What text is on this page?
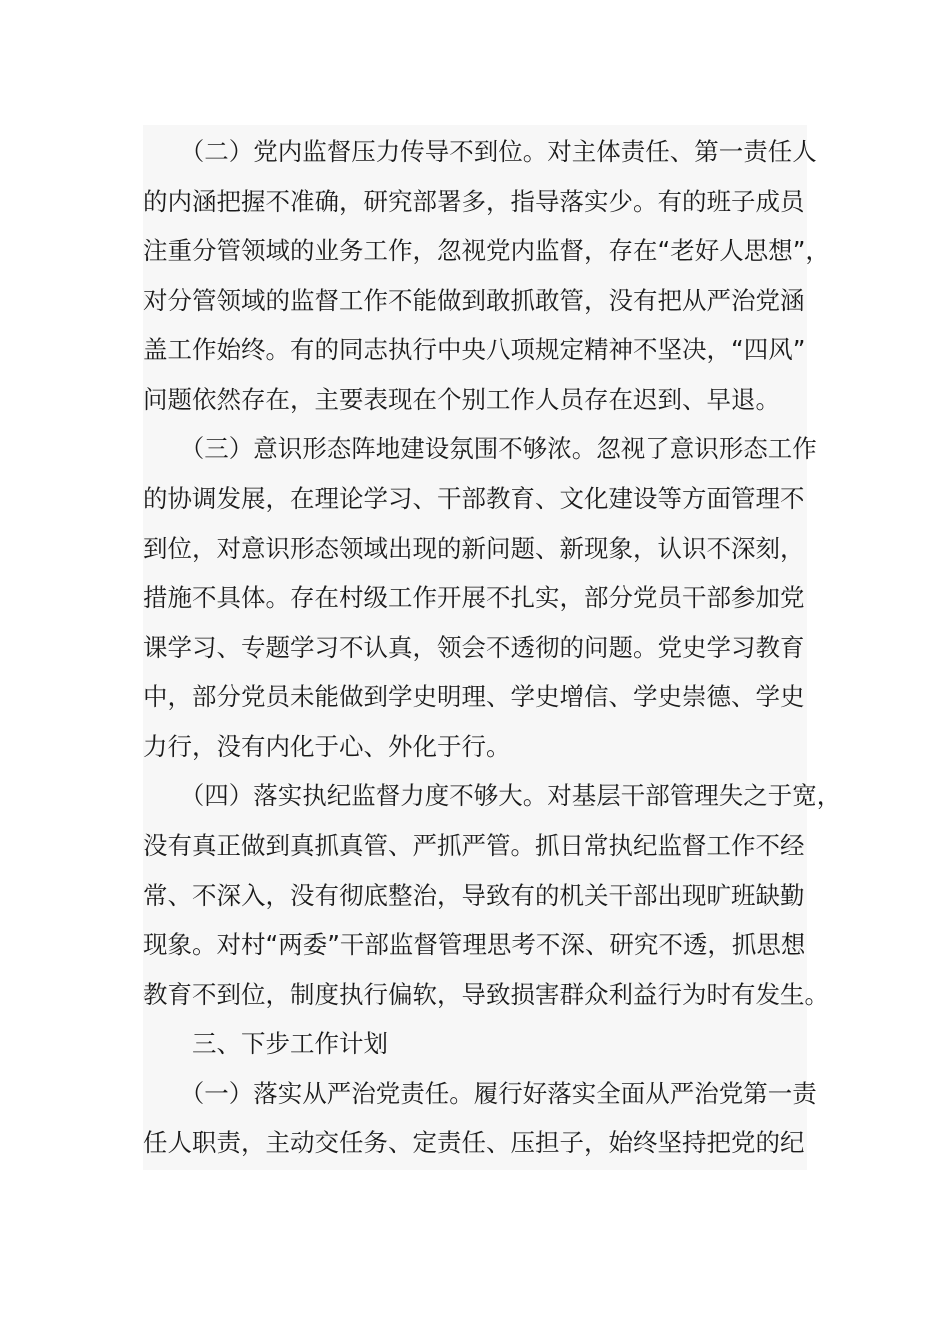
　　（二）党内监督压力传导不到位。对主体责任、第一责任人
的内涵把握不准确，研究部署多，指导落实少。有的班子成员
注重分管领域的业务工作，忽视党内监督，存在“老好人思想”，
对分管领域的监督工作不能做到敢抓敢管，没有把从严治党涵
盖工作始终。有的同志执行中央八项规定精神不坚决，“四风”
问题依然存在，主要表现在个别工作人员存在迟到、早退。
　　（三）意识形态阵地建设氛围不够浓。忽视了意识形态工作
的协调发展，在理论学习、干部教育、文化建设等方面管理不
到位，对意识形态领域出现的新问题、新现象，认识不深刻，
措施不具体。存在村级工作开展不扎实，部分党员干部参加党
课学习、专题学习不认真，领会不透彻的问题。党史学习教育
中，部分党员未能做到学史明理、学史增信、学史崇德、学史
力行，没有内化于心、外化于行。
　　（四）落实执纪监督力度不够大。对基层干部管理失之于宽，
没有真正做到真抓真管、严抓严管。抓日常执纪监督工作不经
常、不深入，没有彻底整治，导致有的机关干部出现旷班缺勤
现象。对村“两委”干部监督管理思考不深、研究不透，抓思想
教育不到位，制度执行偏软，导致损害群众利益行为时有发生。
　　三、下步工作计划
　　（一）落实从严治党责任。履行好落实全面从严治党第一责
任人职责，主动交任务、定责任、压担子，始终坚持把党的纪
